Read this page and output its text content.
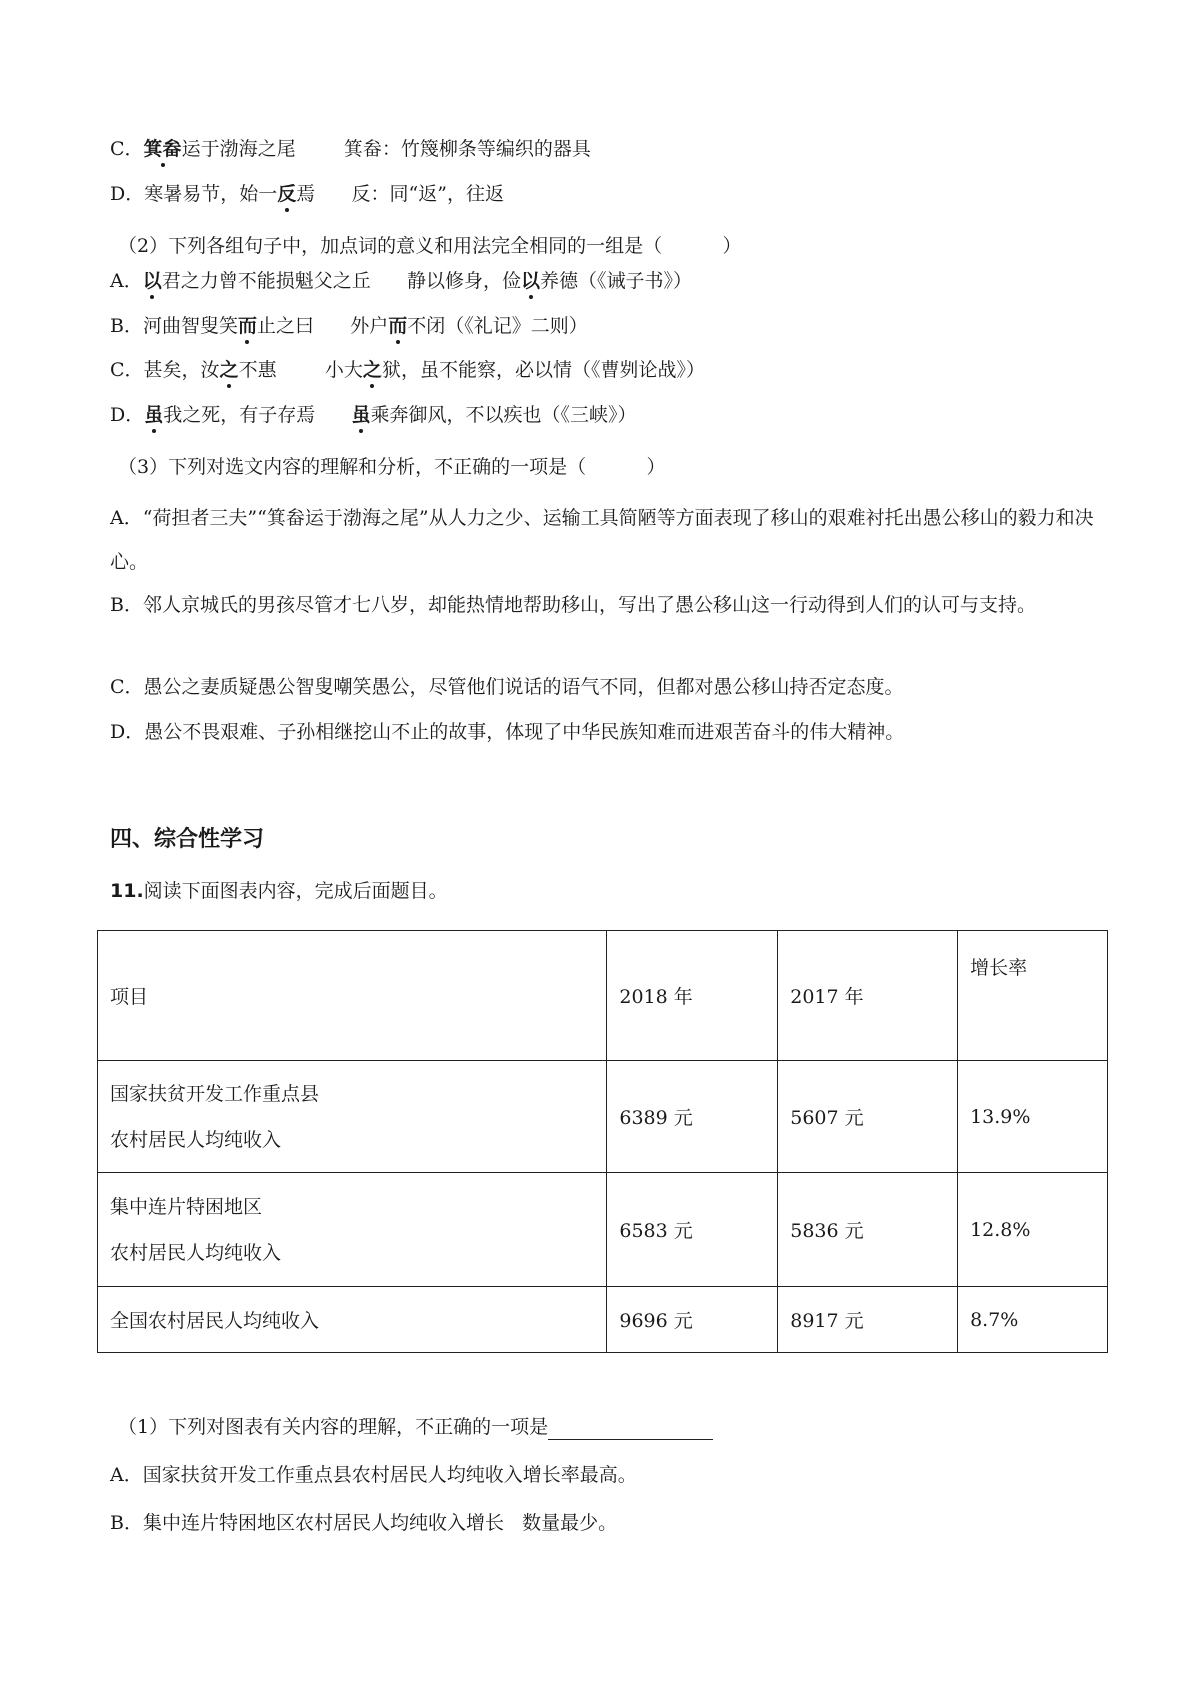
C．箕畚运于渤海之尾	箕畚：竹篾柳条等编织的器具
D．寒暑易节，始一反焉 反：同“返”，往返
（2）下列各组句子中，加点词的意义和用法完全相同的一组是（          ）
A．以君之力曾不能损魁父之丘 静以修身，俭以养德（《诫子书》）
B．河曲智叟笑而止之曰 外户而不闭（《礼记》二则）
C．甚矣，汝之不惠	小大之狱，虽不能察，必以情（《曹刿论战》）
D．虽我之死，有子存焉 虽乘奔御风，不以疾也（《三峡》）
（3）下列对选文内容的理解和分析，不正确的一项是（          ）
A．“荷担者三夫”“箕畚运于渤海之尾”从人力之少、运输工具简陋等方面表现了移山的艰难衬托出愚公移山的毅力和决心。
B．邻人京城氏的男孩尽管才七八岁，却能热情地帮助移山，写出了愚公移山这一行动得到人们的认可与支持。
C．愚公之妻质疑愚公智叟嘲笑愚公，尽管他们说话的语气不同，但都对愚公移山持否定态度。
D．愚公不畏艰难、子孙相继挖山不止的故事，体现了中华民族知难而进艰苦奋斗的伟大精神。
四、综合性学习
11.阅读下面图表内容，完成后面题目。
项目	2018 年	2017 年	增长率
国家扶贫开发工作重点县
农村居民人均纯收入	6389 元	5607 元	13.9%
集中连片特困地区
农村居民人均纯收入	6583 元	5836 元	12.8%
全国农村居民人均纯收入	9696 元	8917 元	8.7%
（1）下列对图表有关内容的理解，不正确的一项是
A．国家扶贫开发工作重点县农村居民人均纯收入增长率最高。
B．集中连片特困地区农村居民人均纯收入增长   数量最少。
